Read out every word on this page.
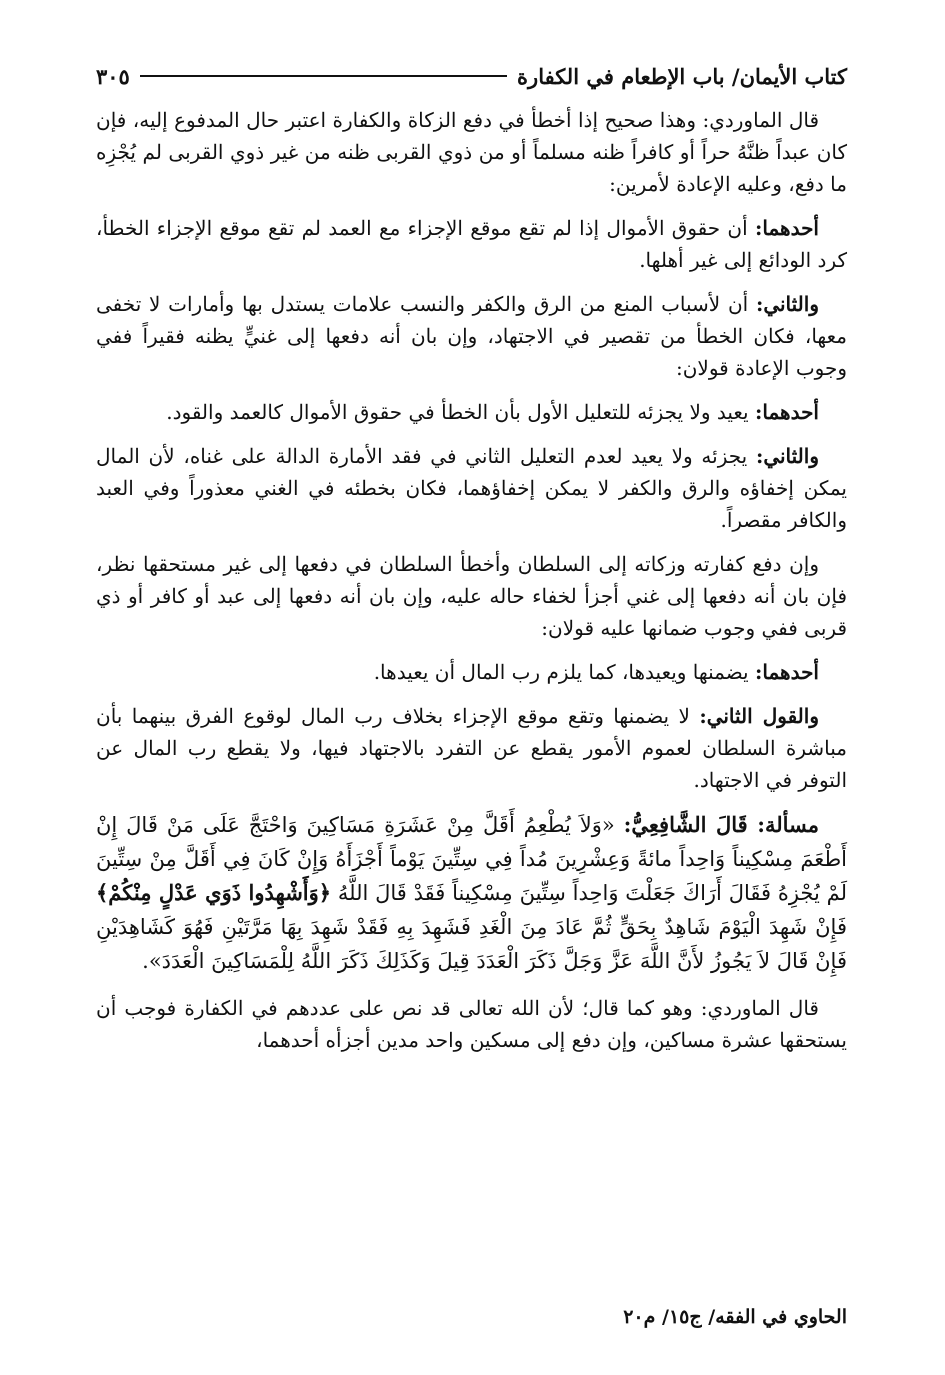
كتاب الأيمان/ باب الإطعام في الكفارة
٣٠٥

قال الماوردي: وهذا صحيح إذا أخطأ في دفع الزكاة والكفارة اعتبر حال المدفوع إليه، فإن كان عبداً ظنَّهُ حراً أو كافراً ظنه مسلماً أو من ذوي القربى ظنه من غير ذوي القربى لم يُجْزِه ما دفع، وعليه الإعادة لأمرين:

أحدهما: أن حقوق الأموال إذا لم تقع موقع الإجزاء مع العمد لم تقع موقع الإجزاء الخطأ، كرد الودائع إلى غير أهلها.

والثاني: أن لأسباب المنع من الرق والكفر والنسب علامات يستدل بها وأمارات لا تخفى معها، فكان الخطأ من تقصير في الاجتهاد، وإن بان أنه دفعها إلى غنيٍّ يظنه فقيراً ففي وجوب الإعادة قولان:

أحدهما: يعيد ولا يجزئه للتعليل الأول بأن الخطأ في حقوق الأموال كالعمد والقود.

والثاني: يجزئه ولا يعيد لعدم التعليل الثاني في فقد الأمارة الدالة على غناه، لأن المال يمكن إخفاؤه والرق والكفر لا يمكن إخفاؤهما، فكان بخطئه في الغني معذوراً وفي العبد والكافر مقصراً.

وإن دفع كفارته وزكاته إلى السلطان وأخطأ السلطان في دفعها إلى غير مستحقها نظر، فإن بان أنه دفعها إلى غني أجزأ لخفاء حاله عليه، وإن بان أنه دفعها إلى عبد أو كافر أو ذي قربى ففي وجوب ضمانها عليه قولان:

أحدهما: يضمنها ويعيدها، كما يلزم رب المال أن يعيدها.

والقول الثاني: لا يضمنها وتقع موقع الإجزاء بخلاف رب المال لوقوع الفرق بينهما بأن مباشرة السلطان لعموم الأمور يقطع عن التفرد بالاجتهاد فيها، ولا يقطع رب المال عن التوفر في الاجتهاد.

مسألة: قَالَ الشَّافِعِيُّ: «وَلاَ يُطْعِمُ أَقَلَّ مِنْ عَشَرَةِ مَسَاكِينَ وَاحْتَجَّ عَلَى مَنْ قَالَ إِنْ أَطْعَمَ مِسْكِيناً وَاحِداً مائةً وَعِشْرِينَ مُداً فِي سِتِّينَ يَوْماً أَجْزَأَهُ وَإِنْ كَانَ فِي أَقَلَّ مِنْ سِتِّينَ لَمْ يُجْزِهُ فَقَالَ أَرَاكَ جَعَلْتَ وَاحِداً سِتِّينَ مِسْكِيناً فَقَدْ قَالَ اللَّهُ ﴿وَأَشْهِدُوا ذَوَي عَدْلٍ مِنْكُمْ﴾ فَإِنْ شَهِدَ الْيَوْمَ شَاهِدٌ بِحَقٍّ ثُمَّ عَادَ مِنَ الْغَدِ فَشَهِدَ بِهِ فَقَدْ شَهِدَ بِهَا مَرَّتَيْنِ فَهُوَ كَشَاهِدَيْنِ فَإِنْ قَالَ لاَ يَجُوزُ لأَنَّ اللَّهَ عَزَّ وَجَلَّ ذَكَرَ الْعَدَدَ قِيلَ وَكَذَلِكَ ذَكَرَ اللَّهُ لِلْمَسَاكِينَ الْعَدَدَ».

قال الماوردي: وهو كما قال؛ لأن الله تعالى قد نص على عددهم في الكفارة فوجب أن يستحقها عشرة مساكين، وإن دفع إلى مسكين واحد مدين أجزأه أحدهما،

الحاوي في الفقه/ ج١٥/ م٢٠
